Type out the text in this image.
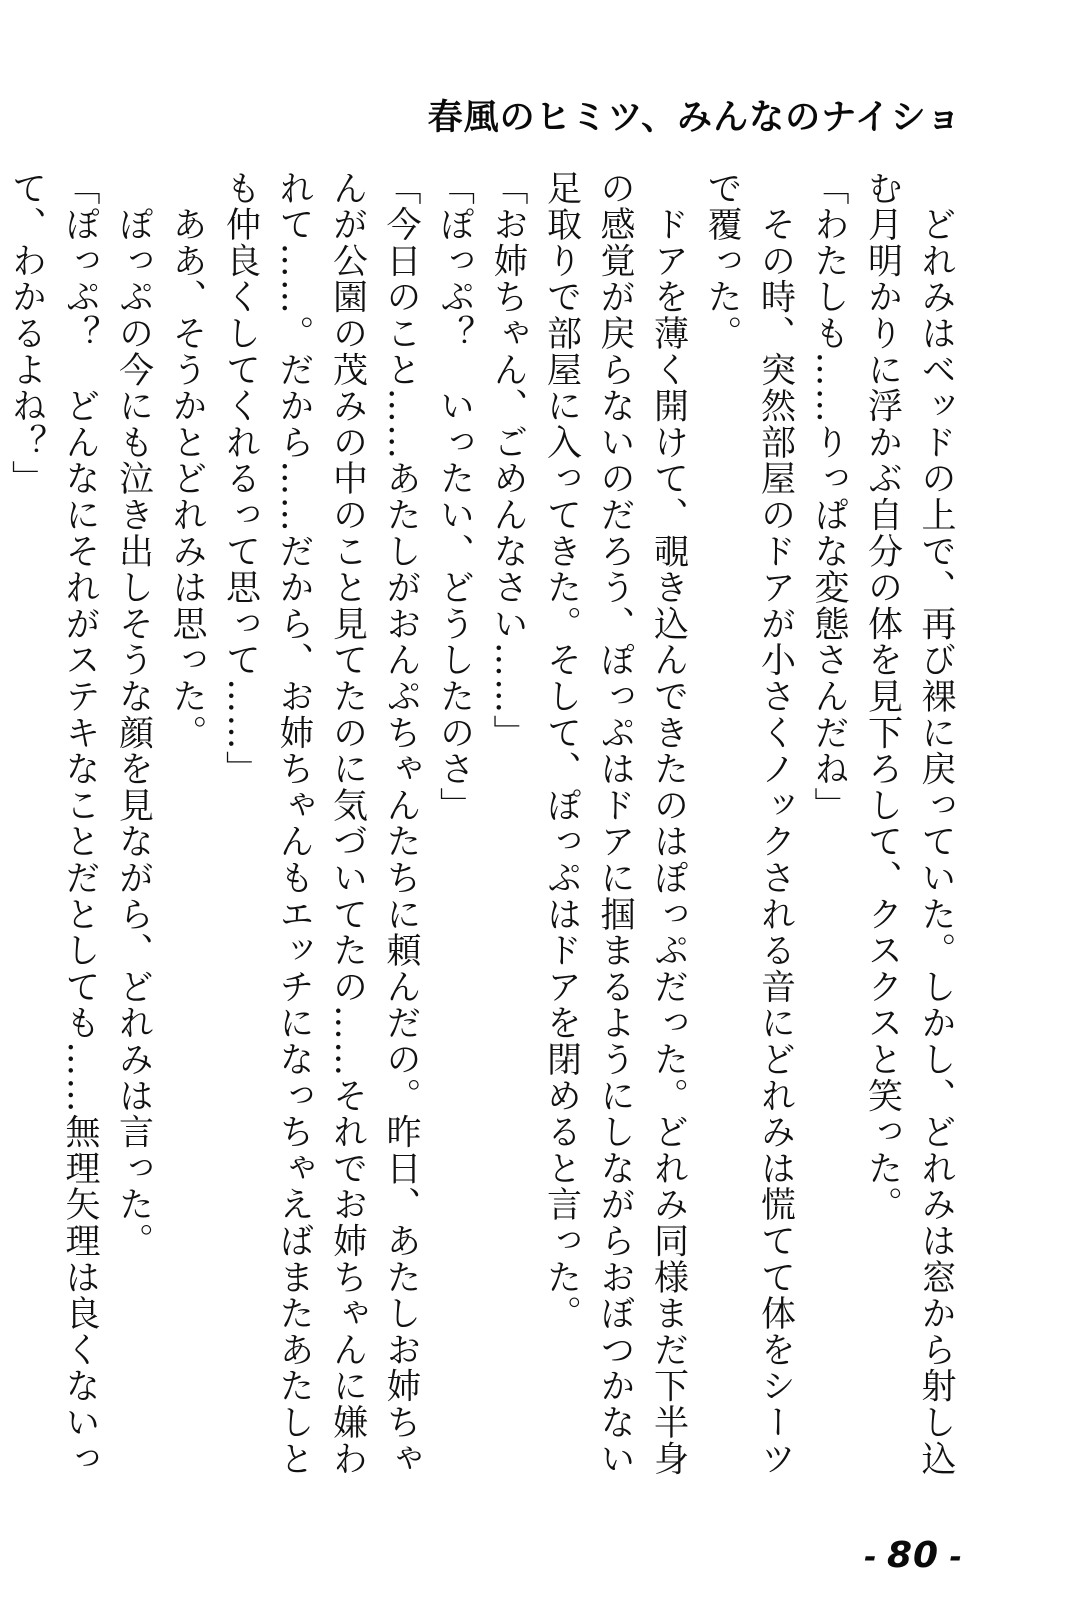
春風のヒミツ、みんなのナイショ

　どれみはベッドの上で、再び裸に戻っていた。しかし、どれみは窓から射し込む月明かりに浮かぶ自分の体を見下ろして、クスクスと笑った。

「わたしも……りっぱな変態さんだね」

　その時、突然部屋のドアが小さくノックされる音にどれみは慌てて体をシーツで覆った。

　ドアを薄く開けて、覗き込んできたのはぽっぷだった。どれみ同様まだ下半身の感覚が戻らないのだろう、ぽっぷはドアに掴まるようにしながらおぼつかない足取りで部屋に入ってきた。そして、ぽっぷはドアを閉めると言った。

「お姉ちゃん、ごめんなさい……」

「ぽっぷ？　いったい、どうしたのさ」

「今日のこと……あたしがおんぷちゃんたちに頼んだの。昨日、あたしお姉ちゃんが公園の茂みの中のこと見てたのに気づいてたの……それでお姉ちゃんに嫌われて……。だから……だから、お姉ちゃんもエッチになっちゃえばまたあたしとも仲良くしてくれるって思って……」

　ああ、そうかとどれみは思った。

　ぽっぷの今にも泣き出しそうな顔を見ながら、どれみは言った。

「ぽっぷ？　どんなにそれがステキなことだとしても……無理矢理は良くないって、わかるよね？」

- 80 -
